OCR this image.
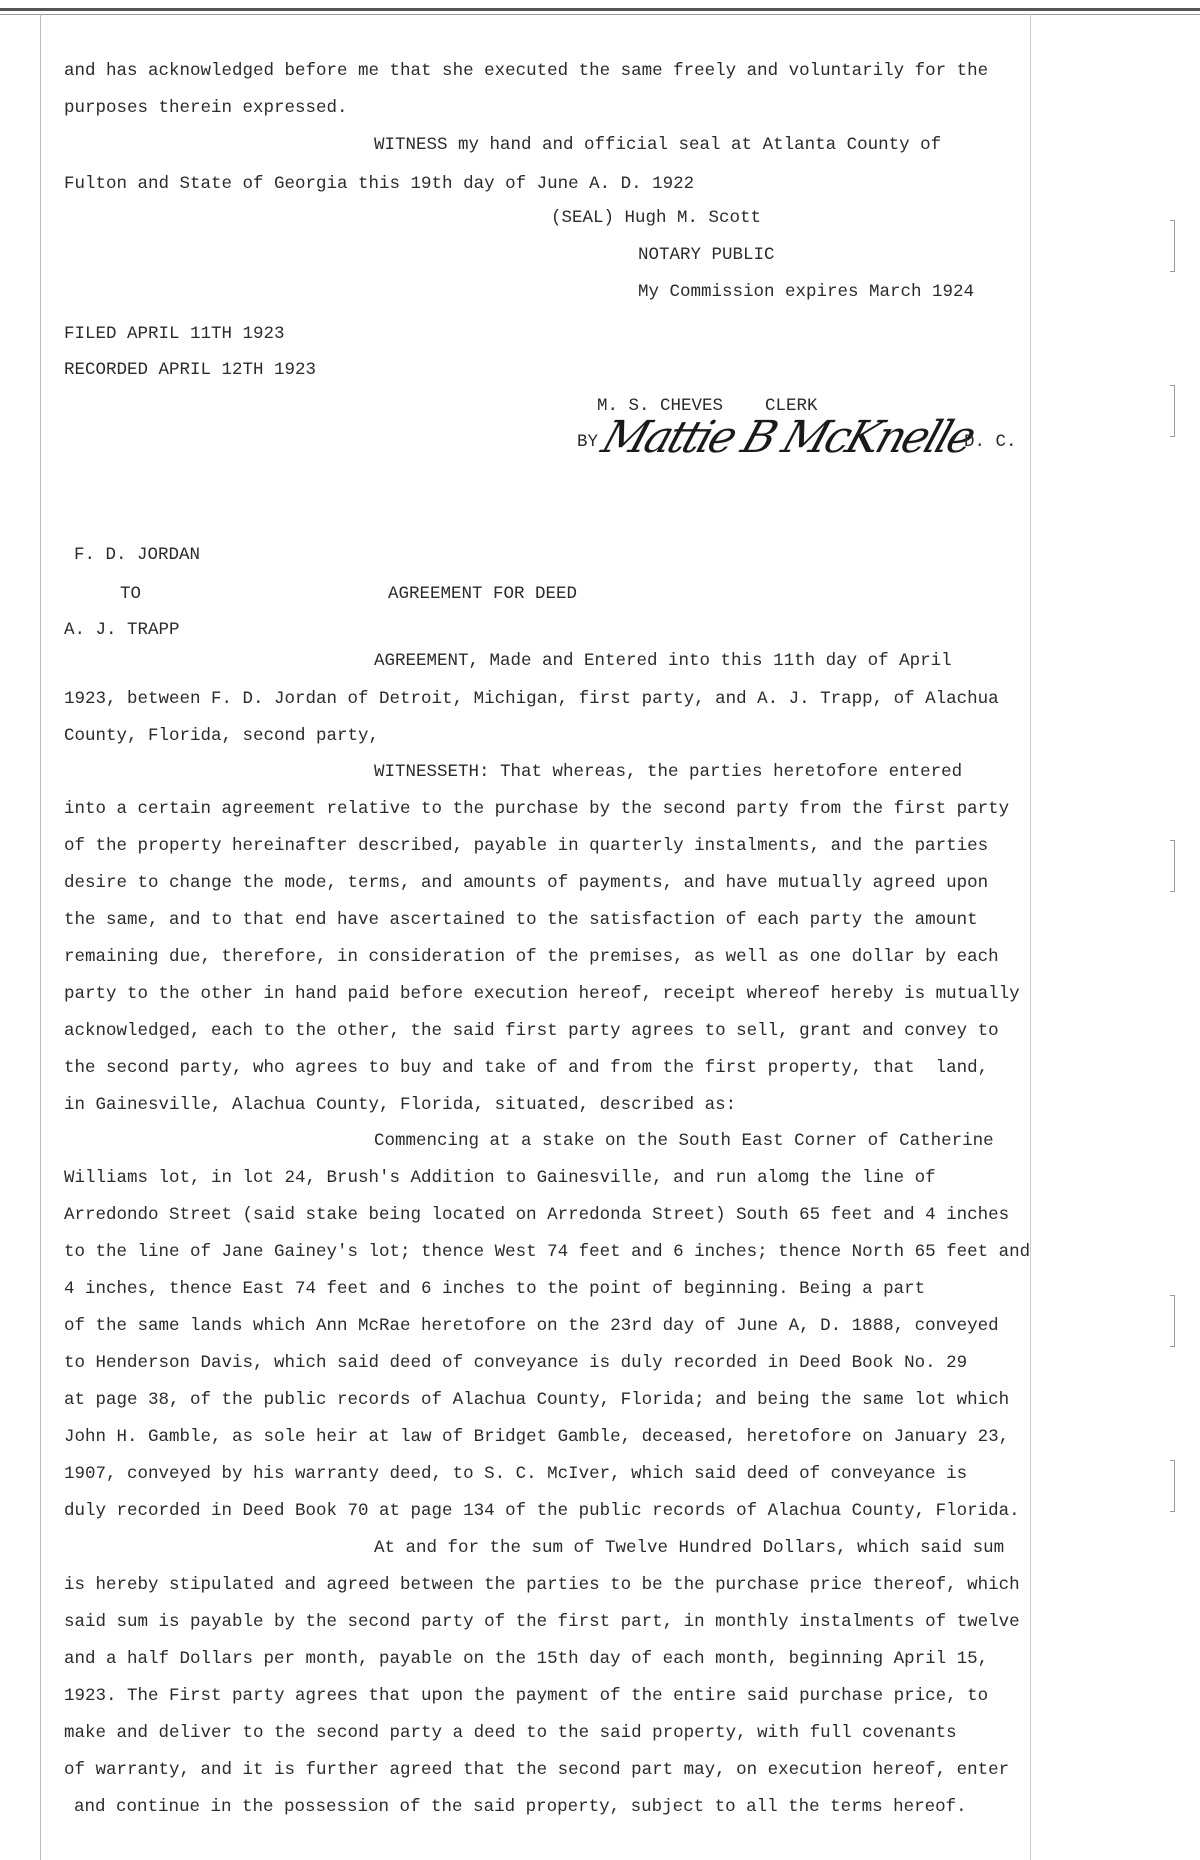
and has acknowledged before me that she executed the same freely and voluntarily for the
purposes therein expressed.
WITNESS my hand and official seal at Atlanta County of
Fulton and State of Georgia this 19th day of June A. D. 1922
(SEAL) Hugh M. Scott
NOTARY PUBLIC
My Commission expires March 1924
FILED APRIL 11TH 1923
RECORDED APRIL 12TH 1923
M. S. CHEVES    CLERK
BY
Mattie B McKnelle
D. C.
F. D. JORDAN
TO	AGREEMENT FOR DEED
A. J. TRAPP
AGREEMENT, Made and Entered into this 11th day of April
1923, between F. D. Jordan of Detroit, Michigan, first party, and A. J. Trapp, of Alachua
County, Florida, second party,
WITNESSETH: That whereas, the parties heretofore entered
into a certain agreement relative to the purchase by the second party from the first party
of the property hereinafter described, payable in quarterly instalments, and the parties
desire to change the mode, terms, and amounts of payments, and have mutually agreed upon
the same, and to that end have ascertained to the satisfaction of each party the amount
remaining due, therefore, in consideration of the premises, as well as one dollar by each
party to the other in hand paid before execution hereof, receipt whereof hereby is mutually
acknowledged, each to the other, the said first party agrees to sell, grant and convey to
the second party, who agrees to buy and take of and from the first property, that  land,
in Gainesville, Alachua County, Florida, situated, described as:
Commencing at a stake on the South East Corner of Catherine
Williams lot, in lot 24, Brush's Addition to Gainesville, and run alomg the line of
Arredondo Street (said stake being located on Arredonda Street) South 65 feet and 4 inches
to the line of Jane Gainey's lot; thence West 74 feet and 6 inches; thence North 65 feet and
4 inches, thence East 74 feet and 6 inches to the point of beginning. Being a part
of the same lands which Ann McRae heretofore on the 23rd day of June A, D. 1888, conveyed
to Henderson Davis, which said deed of conveyance is duly recorded in Deed Book No. 29
at page 38, of the public records of Alachua County, Florida; and being the same lot which
John H. Gamble, as sole heir at law of Bridget Gamble, deceased, heretofore on January 23,
1907, conveyed by his warranty deed, to S. C. McIver, which said deed of conveyance is
duly recorded in Deed Book 70 at page 134 of the public records of Alachua County, Florida.
At and for the sum of Twelve Hundred Dollars, which said sum
is hereby stipulated and agreed between the parties to be the purchase price thereof, which
said sum is payable by the second party of the first part, in monthly instalments of twelve
and a half Dollars per month, payable on the 15th day of each month, beginning April 15,
1923. The First party agrees that upon the payment of the entire said purchase price, to
make and deliver to the second party a deed to the said property, with full covenants
of warranty, and it is further agreed that the second part may, on execution hereof, enter
and continue in the possession of the said property, subject to all the terms hereof.
